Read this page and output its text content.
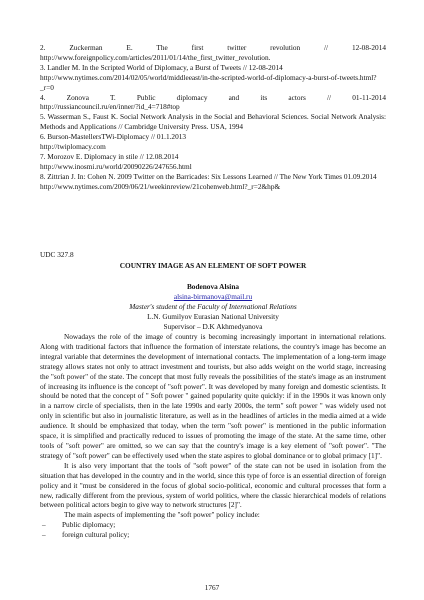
2. Zuckerman E. The first twitter revolution // 12-08-2014

http://www.foreignpolicy.com/articles/2011/01/14/the_first_twitter_revolution.

3. Landler M. In the Scripted World of Diplomacy, a Burst of Tweets // 12-08-2014

http://www.nytimes.com/2014/02/05/world/middleeast/in-the-scripted-world-of-diplomacy-a-burst-of-tweets.html?_r=0

4. Zonova T. Public diplomacy and its actors // 01-11-2014

http://russiancouncil.ru/en/inner/?id_4=718#top

5. Wasserman S., Faust K. Social Network Analysis in the Social and Behavioral Sciences. Social Network Analysis: Methods and Applications // Cambridge University Press. USA, 1994

6. Burson-MastellersTWi-Diplomacy // 01.1.2013

http://twiplomacy.com

7. Morozov E. Diplomacy in stile // 12.08.2014

http://www.inosmi.ru/world/20090226/247656.html

8. Zittrian J. In: Cohen N. 2009 Twitter on the Barricades: Six Lessons Learned // The New York Times 01.09.2014

http://www.nytimes.com/2009/06/21/weekinreview/21cohenweb.html?_r=2&hp&

UDC 327.8

COUNTRY IMAGE AS AN ELEMENT OF SOFT POWER

Bodenova Alsina
alsina-birmanova@mail.ru
Master's student of the Faculty of International Relations
L.N. Gumilyov Eurasian National University
Supervisor – D.K Akhmedyanova

Nowadays the role of the image of country is becoming increasingly important in international relations. Along with traditional factors that influence the formation of interstate relations, the country's image has become an integral variable that determines the development of international contacts. The implementation of a long-term image strategy allows states not only to attract investment and tourists, but also adds weight on the world stage, increasing the "soft power" of the state. The concept that most fully reveals the possibilities of the state's image as an instrument of increasing its influence is the concept of "soft power". It was developed by many foreign and domestic scientists. It should be noted that the concept of " Soft power " gained popularity quite quickly: if in the 1990s it was known only in a narrow circle of specialists, then in the late 1990s and early 2000s, the term" soft power " was widely used not only in scientific but also in journalistic literature, as well as in the headlines of articles in the media aimed at a wide audience. It should be emphasized that today, when the term "soft power" is mentioned in the public information space, it is simplified and practically reduced to issues of promoting the image of the state. At the same time, other tools of "soft power" are omitted, so we can say that the country's image is a key element of "soft power". "The strategy of "soft power" can be effectively used when the state aspires to global dominance or to global primacy [1]".

It is also very important that the tools of "soft power" of the state can not be used in isolation from the situation that has developed in the country and in the world, since this type of force is an essential direction of foreign policy and it "must be considered in the focus of global socio-political, economic and cultural processes that form a new, radically different from the previous, system of world politics, where the classic hierarchical models of relations between political actors begin to give way to network structures [2]".

The main aspects of implementing the "soft power" policy include:

– Public diplomacy;
– foreign cultural policy;

1767
